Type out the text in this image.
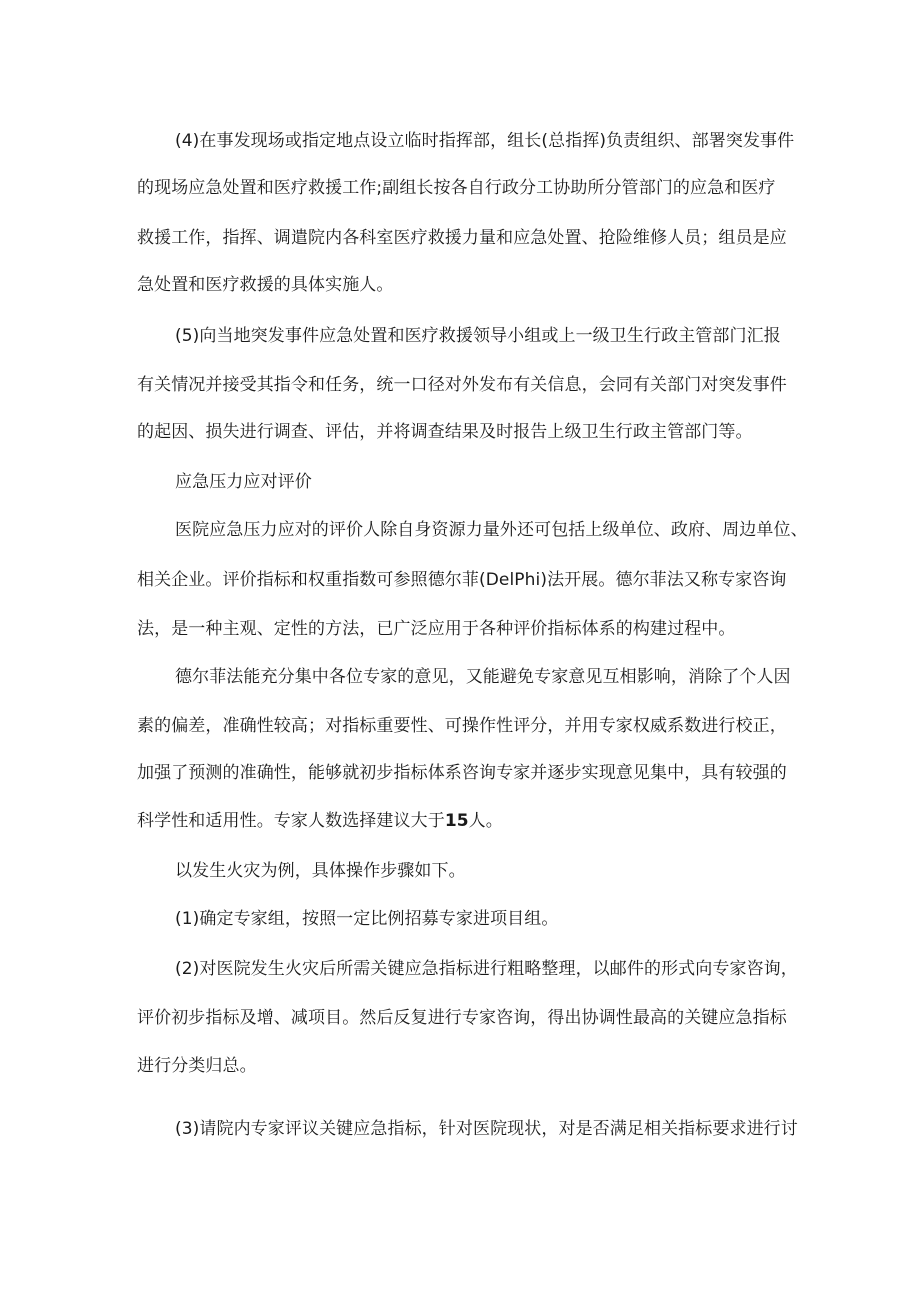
(4)在事发现场或指定地点设立临时指挥部，组长(总指挥)负责组织、部署突发事件
的现场应急处置和医疗救援工作;副组长按各自行政分工协助所分管部门的应急和医疗
救援工作，指挥、调遣院内各科室医疗救援力量和应急处置、抢险维修人员；组员是应
急处置和医疗救援的具体实施人。
(5)向当地突发事件应急处置和医疗救援领导小组或上一级卫生行政主管部门汇报
有关情况并接受其指令和任务，统一口径对外发布有关信息，会同有关部门对突发事件
的起因、损失进行调查、评估，并将调查结果及时报告上级卫生行政主管部门等。
应急压力应对评价
医院应急压力应对的评价人除自身资源力量外还可包括上级单位、政府、周边单位、
相关企业。评价指标和权重指数可参照德尔菲(DelPhi)法开展。德尔菲法又称专家咨询
法，是一种主观、定性的方法，已广泛应用于各种评价指标体系的构建过程中。
德尔菲法能充分集中各位专家的意见，又能避免专家意见互相影响，消除了个人因
素的偏差，准确性较高；对指标重要性、可操作性评分，并用专家权威系数进行校正，
加强了预测的准确性，能够就初步指标体系咨询专家并逐步实现意见集中，具有较强的
科学性和适用性。专家人数选择建议大于15人。
以发生火灾为例，具体操作步骤如下。
(1)确定专家组，按照一定比例招募专家进项目组。
(2)对医院发生火灾后所需关键应急指标进行粗略整理，以邮件的形式向专家咨询，
评价初步指标及增、减项目。然后反复进行专家咨询，得出协调性最高的关键应急指标
进行分类归总。
(3)请院内专家评议关键应急指标，针对医院现状，对是否满足相关指标要求进行讨
